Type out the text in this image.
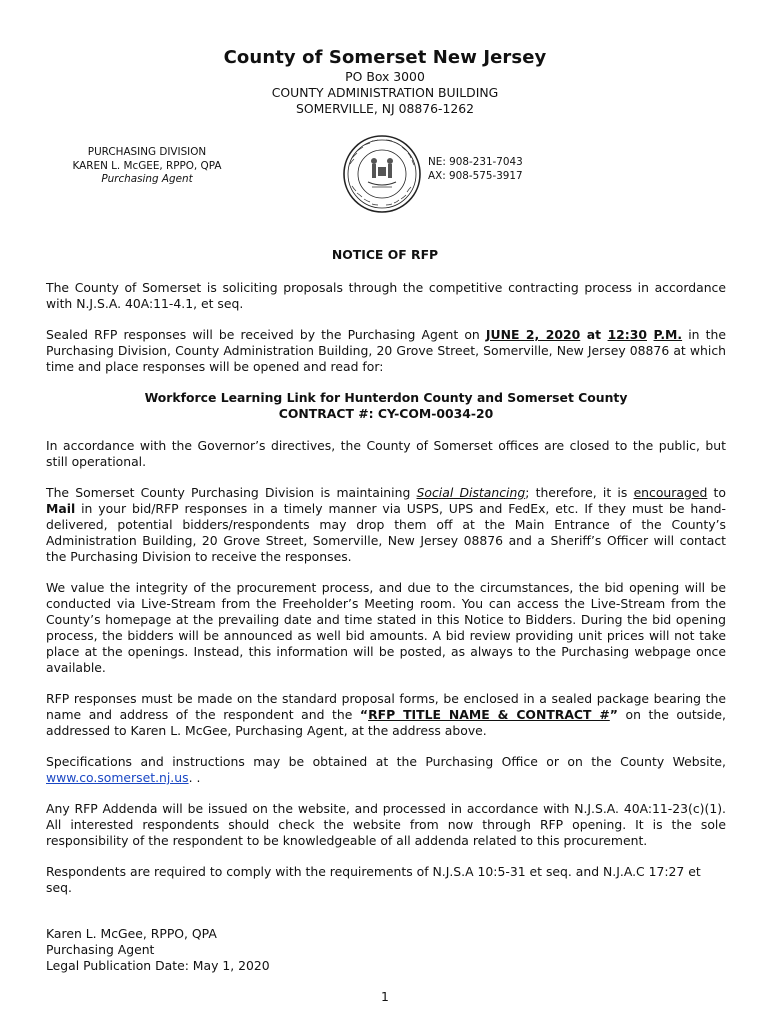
County of Somerset New Jersey
PO Box 3000
COUNTY ADMINISTRATION BUILDING
SOMERVILLE, NJ 08876-1262
PURCHASING DIVISION
KAREN L. McGEE, RPPO, QPA
Purchasing Agent
NE: 908-231-7043
AX: 908-575-3917
NOTICE OF RFP

The County of Somerset is soliciting proposals through the competitive contracting process in accordance with N.J.S.A. 40A:11-4.1, et seq.

Sealed RFP responses will be received by the Purchasing Agent on JUNE 2, 2020 at 12:30 P.M. in the Purchasing Division, County Administration Building, 20 Grove Street, Somerville, New Jersey 08876 at which time and place responses will be opened and read for:

Workforce Learning Link for Hunterdon County and Somerset County
CONTRACT #: CY-COM-0034-20

In accordance with the Governor’s directives, the County of Somerset offices are closed to the public, but still operational.

The Somerset County Purchasing Division is maintaining Social Distancing; therefore, it is encouraged to Mail in your bid/RFP responses in a timely manner via USPS, UPS and FedEx, etc. If they must be hand-delivered, potential bidders/respondents may drop them off at the Main Entrance of the County’s Administration Building, 20 Grove Street, Somerville, New Jersey 08876 and a Sheriff’s Officer will contact the Purchasing Division to receive the responses.

We value the integrity of the procurement process, and due to the circumstances, the bid opening will be conducted via Live-Stream from the Freeholder’s Meeting room. You can access the Live-Stream from the County’s homepage at the prevailing date and time stated in this Notice to Bidders. During the bid opening process, the bidders will be announced as well bid amounts. A bid review providing unit prices will not take place at the openings. Instead, this information will be posted, as always to the Purchasing webpage once available.

RFP responses must be made on the standard proposal forms, be enclosed in a sealed package bearing the name and address of the respondent and the “RFP TITLE NAME & CONTRACT #” on the outside, addressed to Karen L. McGee, Purchasing Agent, at the address above.

Specifications and instructions may be obtained at the Purchasing Office or on the County Website, www.co.somerset.nj.us. .

Any RFP Addenda will be issued on the website, and processed in accordance with N.J.S.A. 40A:11-23(c)(1). All interested respondents should check the website from now through RFP opening. It is the sole responsibility of the respondent to be knowledgeable of all addenda related to this procurement.

Respondents are required to comply with the requirements of N.J.S.A 10:5-31 et seq. and N.J.A.C 17:27 et seq.

Karen L. McGee, RPPO, QPA
Purchasing Agent
Legal Publication Date: May 1, 2020
1
